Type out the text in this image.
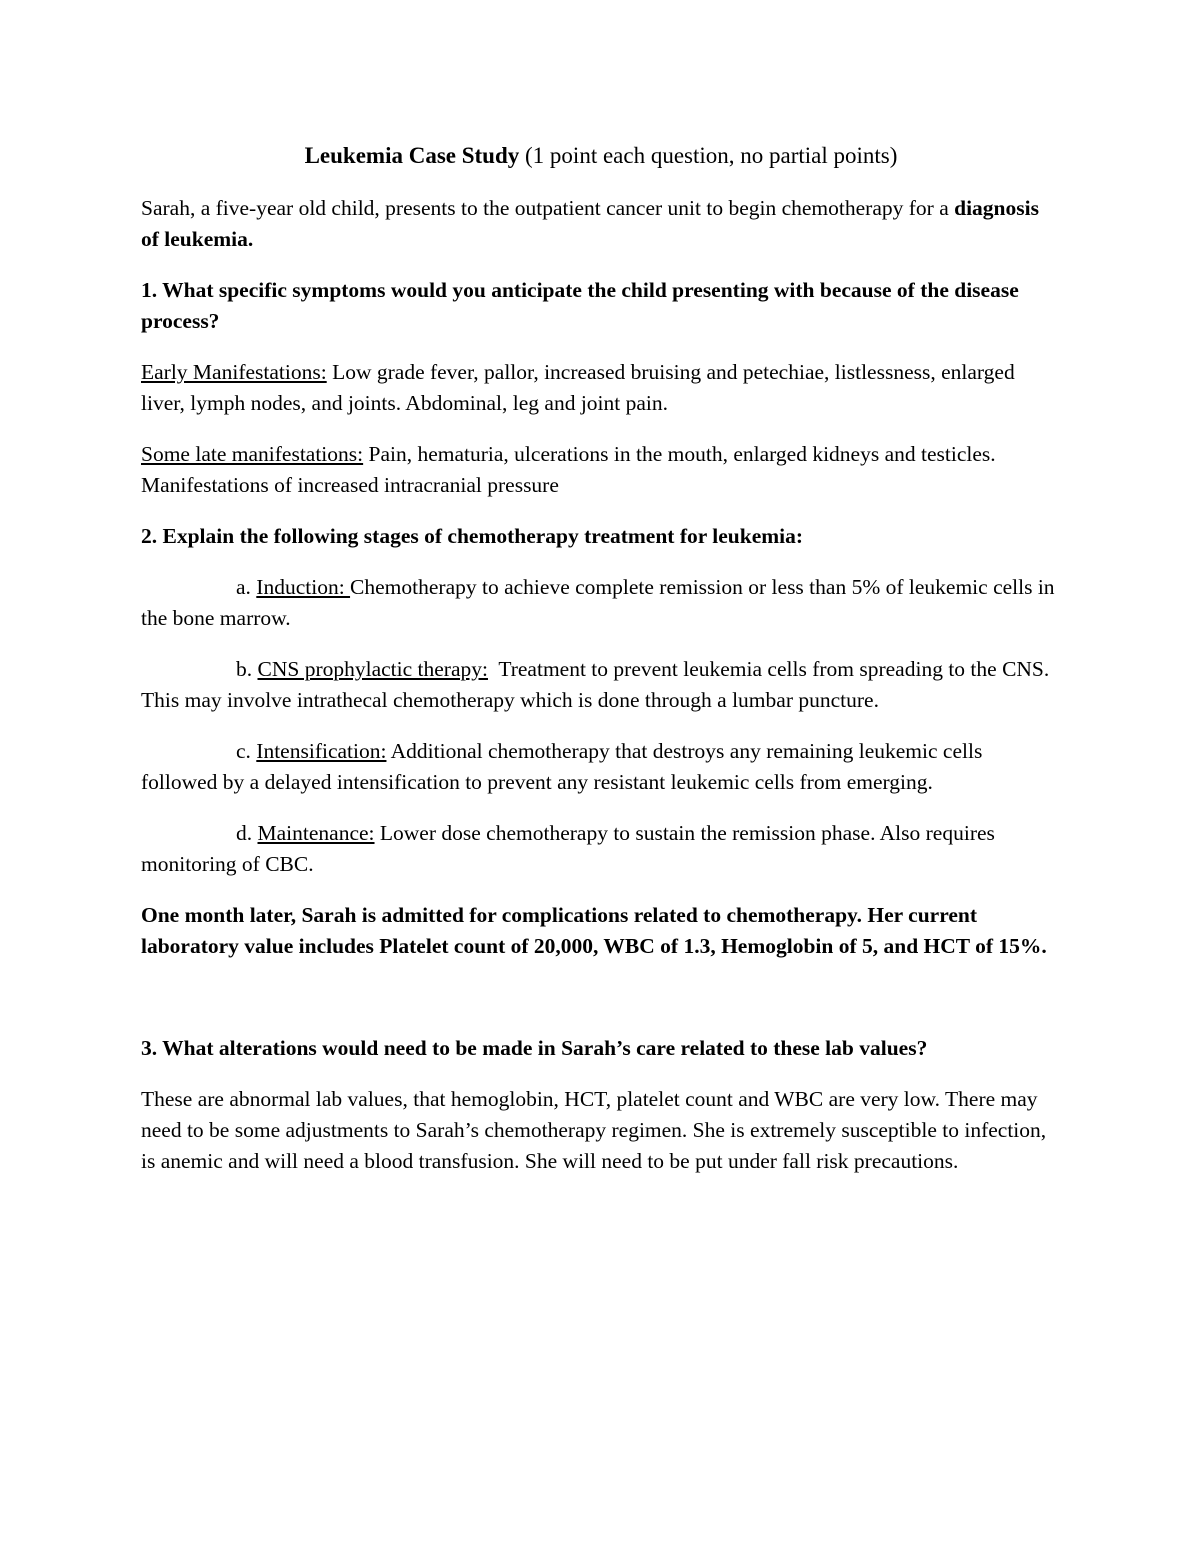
Leukemia Case Study (1 point each question, no partial points)

Sarah, a five-year old child, presents to the outpatient cancer unit to begin chemotherapy for a diagnosis of leukemia.

1. What specific symptoms would you anticipate the child presenting with because of the disease process?

Early Manifestations: Low grade fever, pallor, increased bruising and petechiae, listlessness, enlarged liver, lymph nodes, and joints. Abdominal, leg and joint pain.

Some late manifestations: Pain, hematuria, ulcerations in the mouth, enlarged kidneys and testicles. Manifestations of increased intracranial pressure

2. Explain the following stages of chemotherapy treatment for leukemia:

a. Induction: Chemotherapy to achieve complete remission or less than 5% of leukemic cells in the bone marrow.

b. CNS prophylactic therapy:  Treatment to prevent leukemia cells from spreading to the CNS. This may involve intrathecal chemotherapy which is done through a lumbar puncture.

c. Intensification: Additional chemotherapy that destroys any remaining leukemic cells followed by a delayed intensification to prevent any resistant leukemic cells from emerging.

d. Maintenance: Lower dose chemotherapy to sustain the remission phase. Also requires monitoring of CBC.

One month later, Sarah is admitted for complications related to chemotherapy. Her current laboratory value includes Platelet count of 20,000, WBC of 1.3, Hemoglobin of 5, and HCT of 15%.

3. What alterations would need to be made in Sarah’s care related to these lab values?

These are abnormal lab values, that hemoglobin, HCT, platelet count and WBC are very low. There may need to be some adjustments to Sarah’s chemotherapy regimen. She is extremely susceptible to infection, is anemic and will need a blood transfusion. She will need to be put under fall risk precautions.
